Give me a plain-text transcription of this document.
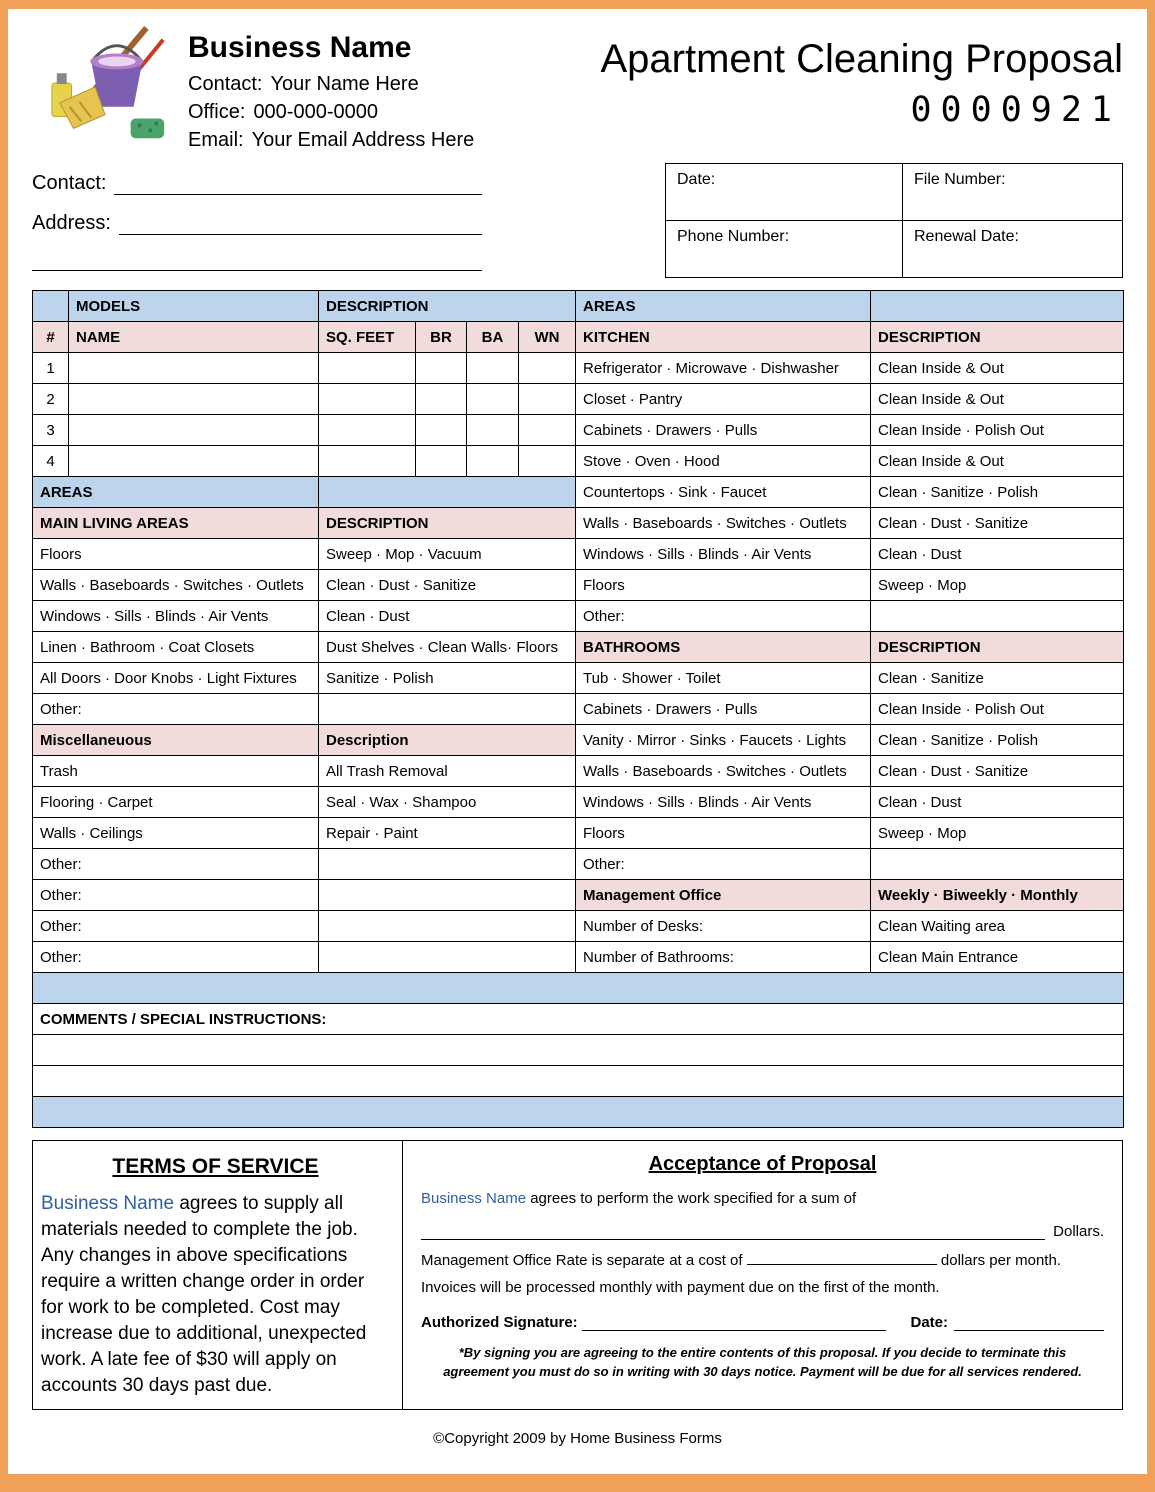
Business Name
Contact: Your Name Here
Office: 000-000-0000
Email: Your Email Address Here
Apartment Cleaning Proposal
0000921
Contact:
Address:
Date:	File Number:
Phone Number:	Renewal Date:
	MODELS	DESCRIPTION				AREAS	
#	NAME	SQ. FEET	BR	BA	WN	KITCHEN	DESCRIPTION
1						Refrigerator · Microwave · Dishwasher	Clean Inside & Out
2						Closet · Pantry	Clean Inside & Out
3						Cabinets · Drawers · Pulls	Clean Inside · Polish Out
4						Stove · Oven · Hood	Clean Inside & Out
AREAS						Countertops · Sink · Faucet	Clean · Sanitize · Polish
MAIN LIVING AREAS		DESCRIPTION				Walls · Baseboards · Switches · Outlets	Clean · Dust · Sanitize
Floors		Sweep · Mop · Vacuum				Windows · Sills · Blinds · Air Vents	Clean · Dust
Walls · Baseboards · Switches · Outlets		Clean · Dust · Sanitize				Floors	Sweep · Mop
Windows · Sills · Blinds · Air Vents		Clean · Dust				Other:	
Linen · Bathroom · Coat Closets		Dust Shelves · Clean Walls· Floors				BATHROOMS	DESCRIPTION
All Doors · Door Knobs · Light Fixtures		Sanitize · Polish				Tub · Shower · Toilet	Clean · Sanitize
Other:						Cabinets · Drawers · Pulls	Clean Inside · Polish Out
Miscellaneuous		Description				Vanity · Mirror · Sinks · Faucets · Lights	Clean · Sanitize · Polish
Trash		All Trash Removal				Walls · Baseboards · Switches · Outlets	Clean · Dust · Sanitize
Flooring · Carpet		Seal · Wax · Shampoo				Windows · Sills · Blinds · Air Vents	Clean · Dust
Walls · Ceilings		Repair · Paint				Floors	Sweep · Mop
Other:						Other:	
Other:						Management Office	Weekly · Biweekly · Monthly
Other:						Number of Desks:	Clean Waiting area
Other:						Number of Bathrooms:	Clean Main Entrance

COMMENTS / SPECIAL INSTRUCTIONS:							

TERMS OF SERVICE
Business Name agrees to supply all materials needed to complete the job. Any changes in above specifications require a written change order in order for work to be completed. Cost may increase due to additional, unexpected work. A late fee of $30 will apply on accounts 30 days past due.
Acceptance of Proposal
Business Name agrees to perform the work specified for a sum of
Dollars.
Management Office Rate is separate at a cost of	dollars per month.
Invoices will be processed monthly with payment due on the first of the month.
Authorized Signature:	Date:
*By signing you are agreeing to the entire contents of this proposal. If you decide to terminate this agreement you must do so in writing with 30 days notice. Payment will be due for all services rendered.
©Copyright 2009 by Home Business Forms
